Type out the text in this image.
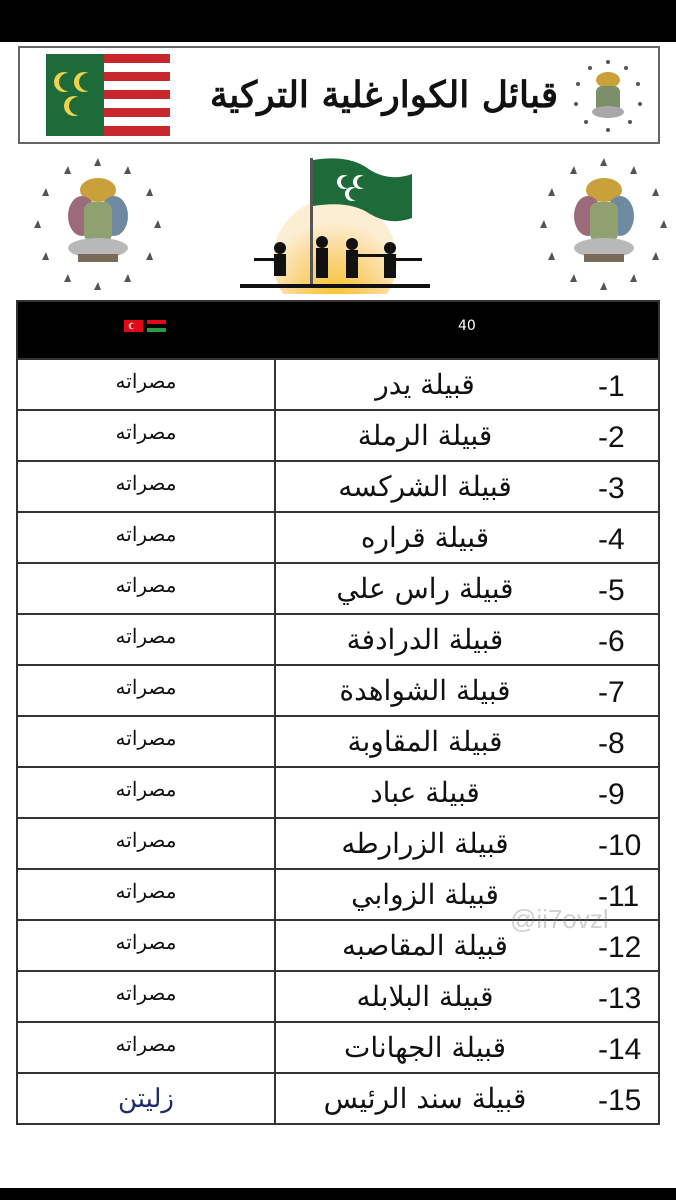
قبائل الكوارغلية التركية
40
مصراته	قبيلة يدر	-1
مصراته	قبيلة الرملة	-2
مصراته	قبيلة الشركسه	-3
مصراته	قبيلة قراره	-4
مصراته	قبيلة راس علي	-5
مصراته	قبيلة الدرادفة	-6
مصراته	قبيلة الشواهدة	-7
مصراته	قبيلة المقاوبة	-8
مصراته	قبيلة عباد	-9
مصراته	قبيلة الزرارطه	-10
مصراته	قبيلة الزوابي	-11
مصراته	قبيلة المقاصبه	-12
مصراته	قبيلة البلابله	-13
مصراته	قبيلة الجهانات	-14
زليتن	قبيلة سند الرئيس	-15
@ii7ovzl
